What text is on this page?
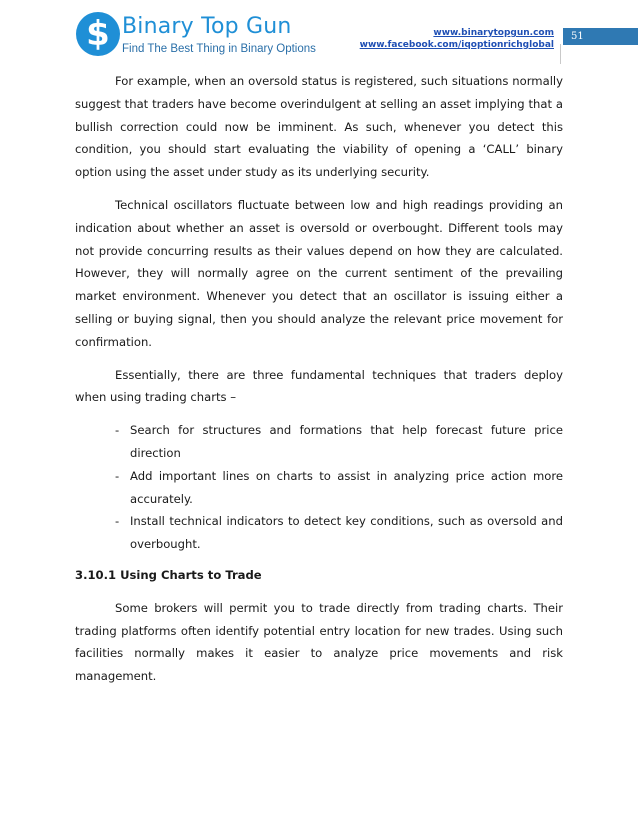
$ Binary Top Gun
Find The Best Thing in Binary Options
www.binarytopgun.com
www.facebook.com/iqoptionrichglobal
51

For example, when an oversold status is registered, such situations normally suggest that traders have become overindulgent at selling an asset implying that a bullish correction could now be imminent. As such, whenever you detect this condition, you should start evaluating the viability of opening a ‘CALL’ binary option using the asset under study as its underlying security.

Technical oscillators fluctuate between low and high readings providing an indication about whether an asset is oversold or overbought. Different tools may not provide concurring results as their values depend on how they are calculated. However, they will normally agree on the current sentiment of the prevailing market environment. Whenever you detect that an oscillator is issuing either a selling or buying signal, then you should analyze the relevant price movement for confirmation.

Essentially, there are three fundamental techniques that traders deploy when using trading charts –

- Search for structures and formations that help forecast future price direction
- Add important lines on charts to assist in analyzing price action more accurately.
- Install technical indicators to detect key conditions, such as oversold and overbought.
3.10.1 Using Charts to Trade

Some brokers will permit you to trade directly from trading charts. Their trading platforms often identify potential entry location for new trades. Using such facilities normally makes it easier to analyze price movements and risk management.
